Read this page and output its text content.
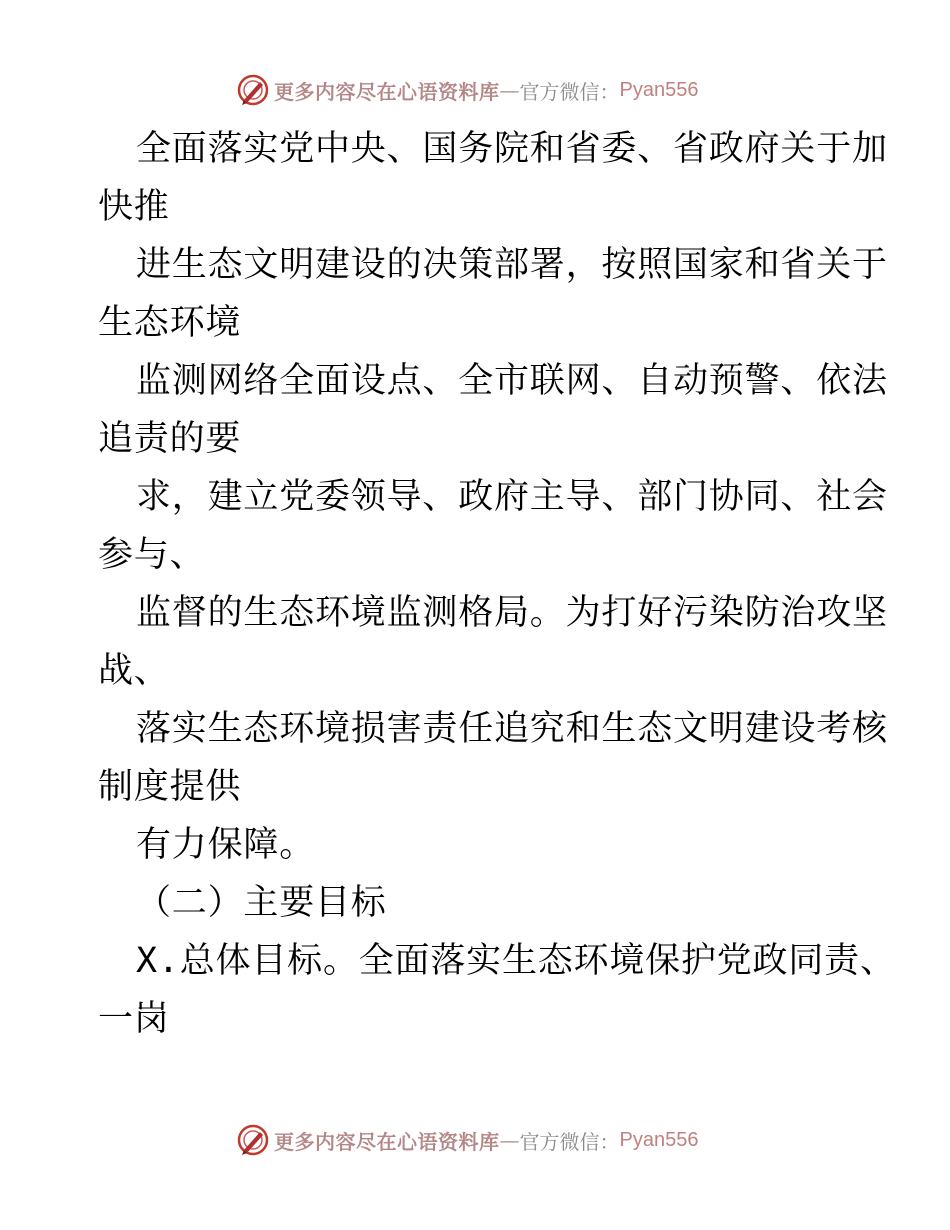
更多内容尽在心语资料库 — 官方微信： Pyan556
全面落实党中央、国务院和省委、省政府关于加
快推
进生态文明建设的决策部署，按照国家和省关于
生态环境
监测网络全面设点、全市联网、自动预警、依法
追责的要
求，建立党委领导、政府主导、部门协同、社会
参与、
监督的生态环境监测格局。为打好污染防治攻坚
战、
落实生态环境损害责任追究和生态文明建设考核
制度提供
有力保障。
（二）主要目标
X.总体目标。全面落实生态环境保护党政同责、
一岗
更多内容尽在心语资料库 — 官方微信： Pyan556
